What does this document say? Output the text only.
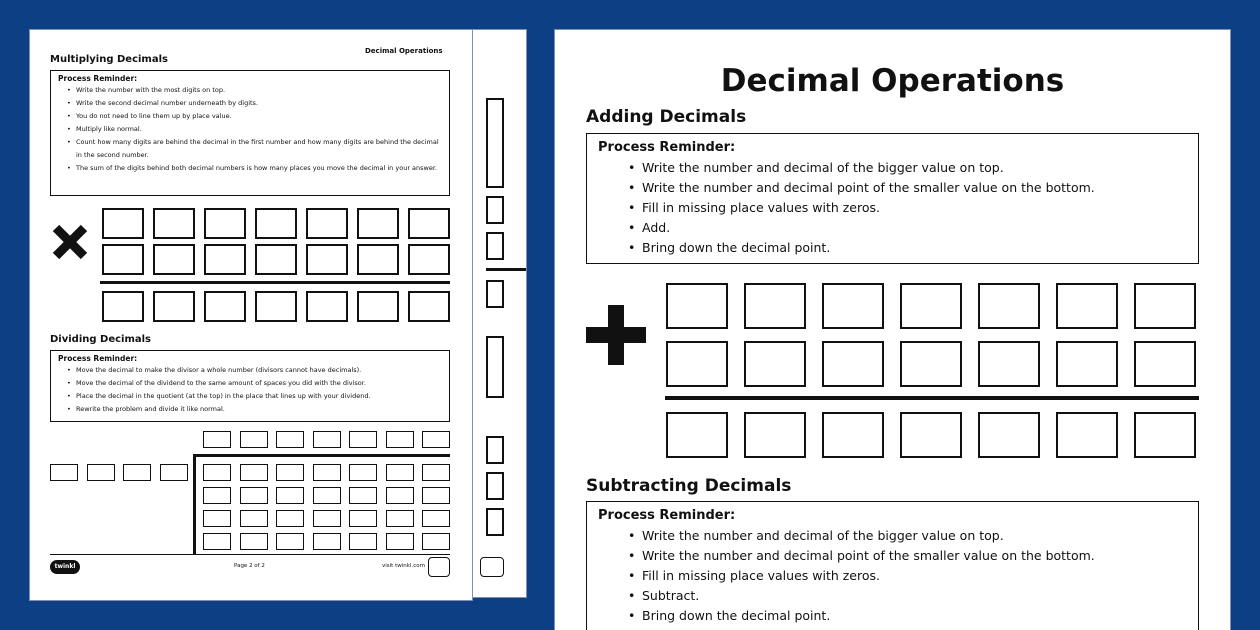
Multiplying Decimals
Decimal Operations
Process Reminder:
• Write the number with the most digits on top.
• Write the second decimal number underneath by digits.
• You do not need to line them up by place value.
• Multiply like normal.
• Count how many digits are behind the decimal in the first number and how many digits are behind the decimal in the second number.
• The sum of the digits behind both decimal numbers is how many places you move the decimal in your answer.
Dividing Decimals
Process Reminder:
• Move the decimal to make the divisor a whole number (divisors cannot have decimals).
• Move the decimal of the dividend to the same amount of spaces you did with the divisor.
• Place the decimal in the quotient (at the top) in the place that lines up with your dividend.
• Rewrite the problem and divide it like normal.
twinkl	Page 2 of 2	visit twinkl.com
Decimal Operations
Adding Decimals
Process Reminder:
• Write the number and decimal of the bigger value on top.
• Write the number and decimal point of the smaller value on the bottom.
• Fill in missing place values with zeros.
• Add.
• Bring down the decimal point.
Subtracting Decimals
Process Reminder:
• Write the number and decimal of the bigger value on top.
• Write the number and decimal point of the smaller value on the bottom.
• Fill in missing place values with zeros.
• Subtract.
• Bring down the decimal point.
